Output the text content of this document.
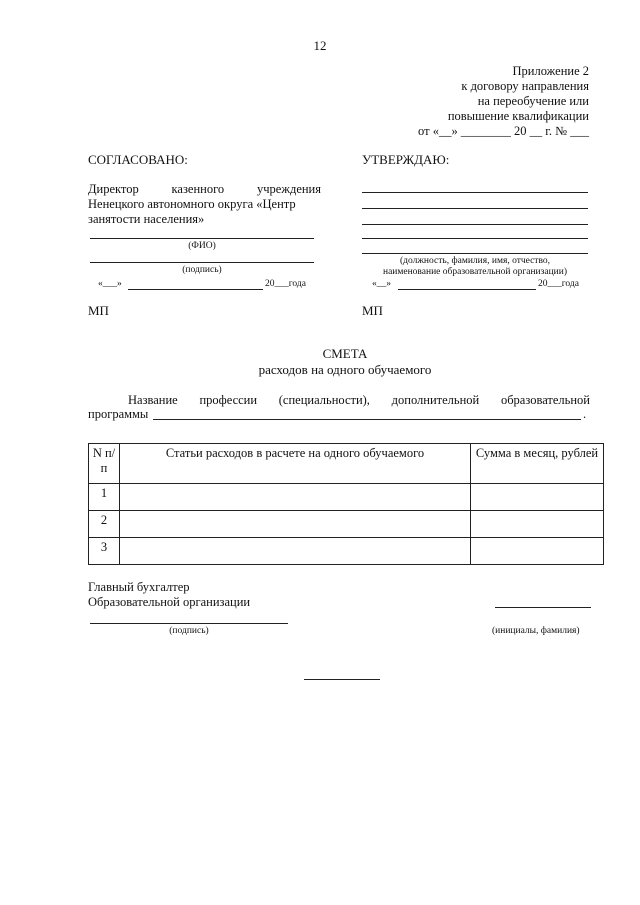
12
Приложение 2
к договору направления
на переобучение или
повышение квалификации
от «__» ________ 20 __ г. № ___
СОГЛАСОВАНО:
Директор	казенного	учреждения
Ненецкого автономного округа «Центр
занятости населения»
(ФИО)
(подпись)
«___»	20___года
МП
УТВЕРЖДАЮ:
(должность, фамилия, имя, отчество,
наименование образовательной организации)
«__»	20___года
МП
СМЕТА
расходов на одного обучаемого
Название профессии (специальности), дополнительной образовательной
программы	.
N п/п	Статьи расходов в расчете на одного обучаемого	Сумма в месяц, рублей
1		
2		
3		
Главный бухгалтер
Образовательной организации
(подпись)	(инициалы, фамилия)
